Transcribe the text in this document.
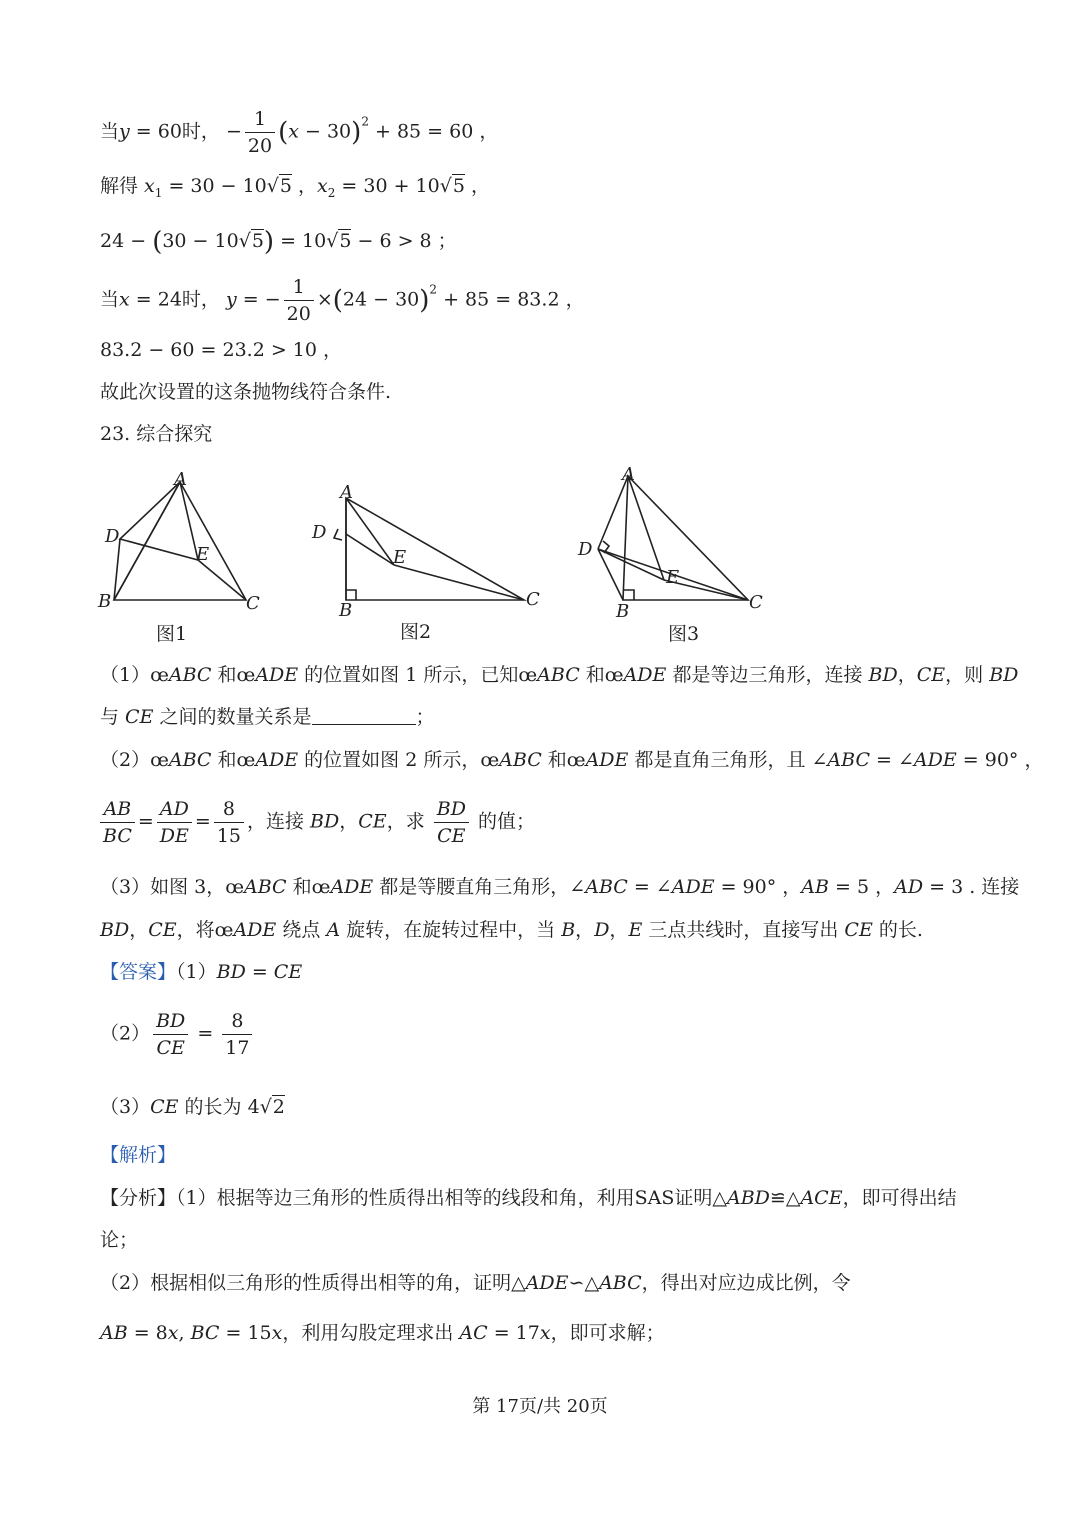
当y = 60时， − $\frac{1}{20} (x - 30)^2 + 85 = 60$ ，
解得 $x_1 = 30 - 10√5$ ，$x_2 = 30 + 10√5$ ，
24 − (30 − 10√5) = 10√5 − 6 > 8 ；
当x = 24时， y = − $\frac{1}{20} \times(24 - 30)^2 + 85 = 83.2$ ，
83.2 − 60 = 23.2 > 10 ，
故此次设置的这条抛物线符合条件.
23. 综合探究
A
B	C
D
E
A
B
C
D
E
A
B	C
D
E
图1	图2	图3
（1）œABC 和œADE 的位置如图 1 所示，已知œABC 和œADE 都是等边三角形，连接 BD，CE，则 BD
与 CE 之间的数量关系是	；
（2）œABC 和œADE 的位置如图 2 所示，œABC 和œADE 都是直角三角形，且 ∠ABC = ∠ADE = 90° ，
$\frac{AB}{BC} = \frac{AD}{DE} = \frac{8}{15}$ ，连接 BD，CE，求 $\frac{BD}{CE}$ 的值；
（3）如图 3，œABC 和œADE 都是等腰直角三角形，∠ABC = ∠ADE = 90° ，AB = 5 ，AD = 3 . 连接
BD，CE，将œADE 绕点 A 旋转，在旋转过程中，当 B，D，E 三点共线时，直接写出 CE 的长.
【答案】（1）BD = CE
$(2) \frac{BD}{CE} = \frac{8}{17}$
（3）CE 的长为 4√2
【解析】
【分析】（1）根据等边三角形的性质得出相等的线段和角，利用SAS证明△ABD≌△ACE，即可得出结
论；
（2）根据相似三角形的性质得出相等的角，证明△ADE∽△ABC，得出对应边成比例，令
AB = 8x, BC = 15x，利用勾股定理求出 AC = 17x，即可求解；
第 17页/共 20页
